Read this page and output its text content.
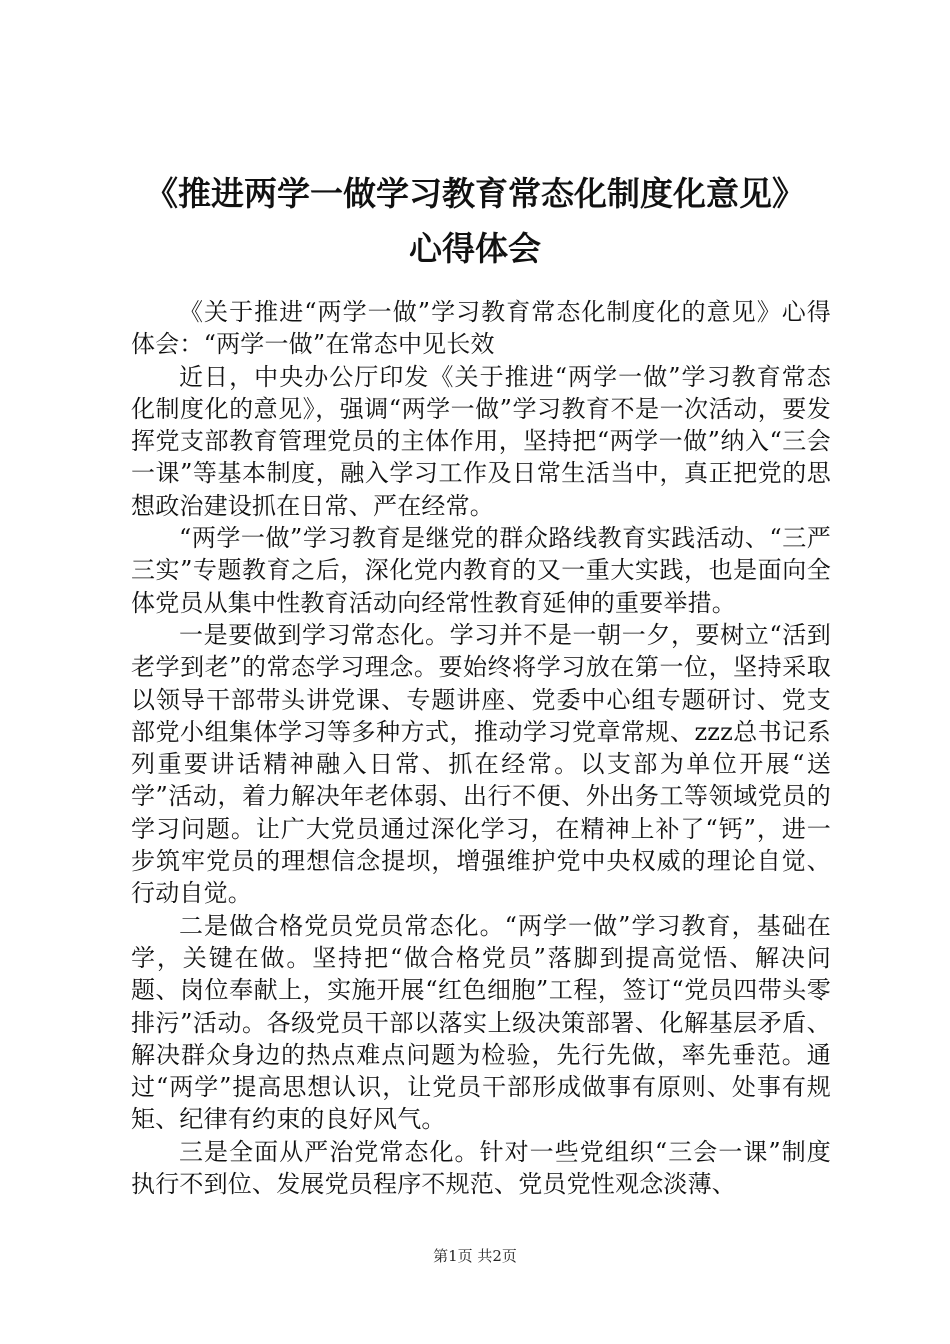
《推进两学一做学习教育常态化制度化意见》
心得体会

《关于推进“两学一做”学习教育常态化制度化的意见》心得体会：“两学一做”在常态中见长效

近日，中央办公厅印发《关于推进“两学一做”学习教育常态化制度化的意见》，强调“两学一做”学习教育不是一次活动，要发挥党支部教育管理党员的主体作用，坚持把“两学一做”纳入“三会一课”等基本制度，融入学习工作及日常生活当中，真正把党的思想政治建设抓在日常、严在经常。

“两学一做”学习教育是继党的群众路线教育实践活动、“三严三实”专题教育之后，深化党内教育的又一重大实践，也是面向全体党员从集中性教育活动向经常性教育延伸的重要举措。

一是要做到学习常态化。学习并不是一朝一夕，要树立“活到老学到老”的常态学习理念。要始终将学习放在第一位，坚持采取以领导干部带头讲党课、专题讲座、党委中心组专题研讨、党支部党小组集体学习等多种方式，推动学习党章常规、zzz总书记系列重要讲话精神融入日常、抓在经常。以支部为单位开展“送学”活动，着力解决年老体弱、出行不便、外出务工等领域党员的学习问题。让广大党员通过深化学习，在精神上补了“钙”，进一步筑牢党员的理想信念提坝，增强维护党中央权威的理论自觉、行动自觉。

二是做合格党员党员常态化。“两学一做”学习教育，基础在学，关键在做。坚持把“做合格党员”落脚到提高觉悟、解决问题、岗位奉献上，实施开展“红色细胞”工程，签订“党员四带头零排污”活动。各级党员干部以落实上级决策部署、化解基层矛盾、解决群众身边的热点难点问题为检验，先行先做，率先垂范。通过“两学”提高思想认识，让党员干部形成做事有原则、处事有规矩、纪律有约束的良好风气。

三是全面从严治党常态化。针对一些党组织“三会一课”制度执行不到位、发展党员程序不规范、党员党性观念淡薄、

第1页 共2页
